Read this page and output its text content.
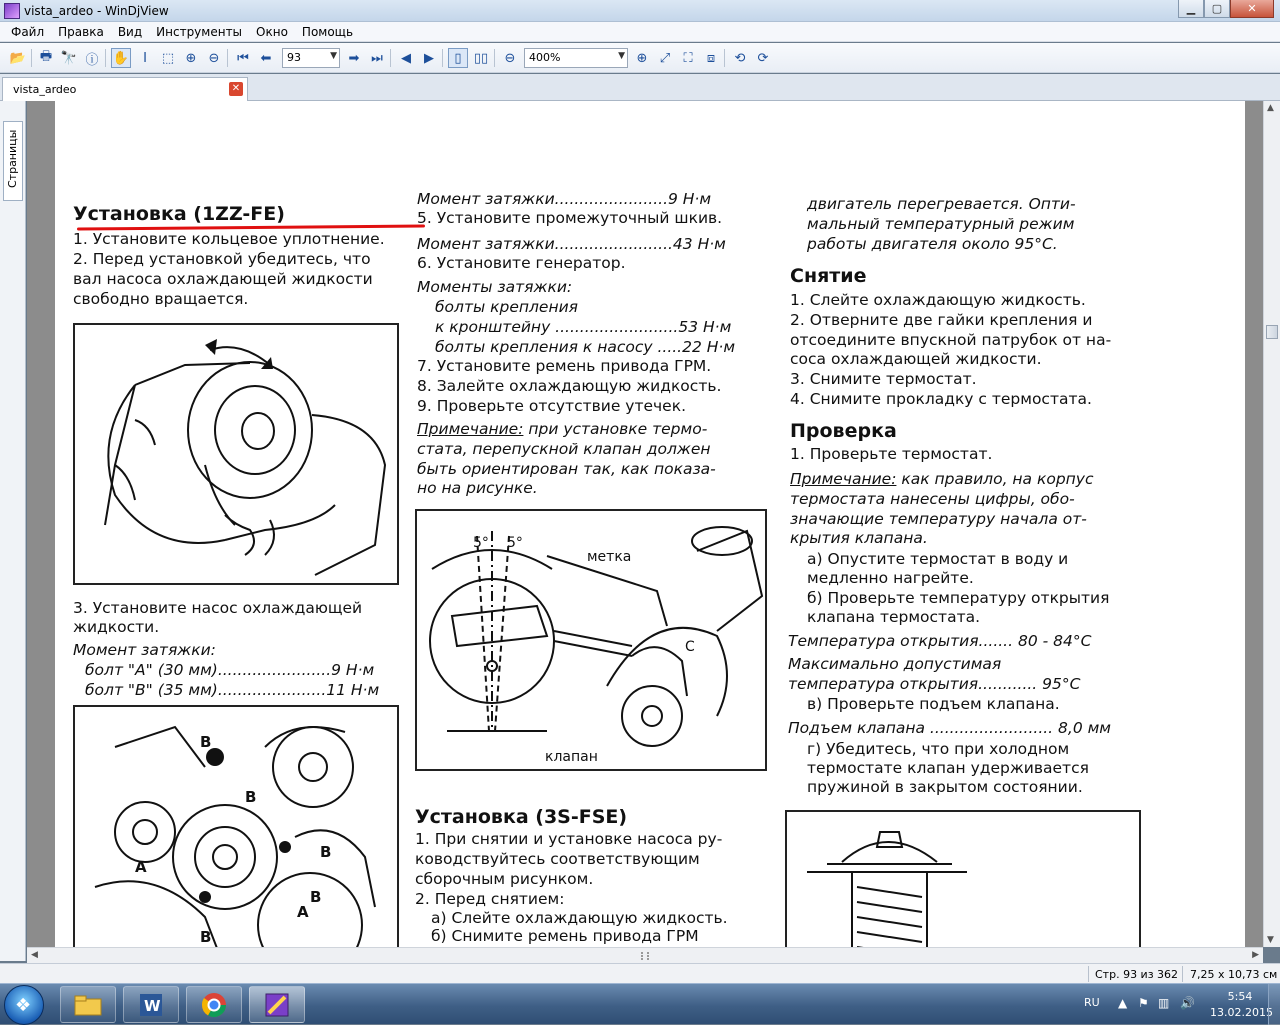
vista_ardeo - WinDjView	▁	▢	✕
Файл	Правка	Вид	Инструменты	Окно	Помощь
📂 🖶 🔭 ⓘ ✋	I	⬚ ⊕ ⊖	⏮ ⬅	93	▼ ➡ ⏭	◀	▶	▯ ▯▯	⊖	400%	▼ ⊕ ⤢	⛶	⧈	⟲ ⟳
vista_ardeo	✕
Страницы
Установка (1ZZ-FE)
1. Установите кольцевое уплотнение.
2. Перед установкой убедитесь, что
вал насоса охлаждающей жидкости
свободно вращается.
3. Установите насос охлаждающей
жидкости.
Момент затяжки:
болт "A" (30 мм).......................9 Н·м
болт "B" (35 мм)......................11 Н·м
B
B
A
B
B
A
B
Момент затяжки.......................9 Н·м
5. Установите промежуточный шкив.
Момент затяжки........................43 Н·м
6. Установите генератор.
Моменты затяжки:
болты крепления
к кронштейну .........................53 Н·м
болты крепления к насосу .....22 Н·м
7. Установите ремень привода ГРМ.
8. Залейте охлаждающую жидкость.
9. Проверьте отсутствие утечек.
Примечание: при установке термо-
стата, перепускной клапан должен
быть ориентирован так, как показа-
но на рисунке.
5° 5°
метка
клапан
C
Установка (3S-FSE)
1. При снятии и установке насоса ру-
ководствуйтесь соответствующим
сборочным рисунком.
2. Перед снятием:
а) Слейте охлаждающую жидкость.
б) Снимите ремень привода ГРМ
двигатель перегревается. Опти-
мальный температурный режим
работы двигателя около 95°C.
Снятие
1. Слейте охлаждающую жидкость.
2. Отверните две гайки крепления и
отсоедините впускной патрубок от на-
соса охлаждающей жидкости.
3. Снимите термостат.
4. Снимите прокладку с термостата.
Проверка
1. Проверьте термостат.
Примечание: как правило, на корпус
термостата нанесены цифры, обо-
значающие температуру начала от-
крытия клапана.
а) Опустите термостат в воду и
медленно нагрейте.
б) Проверьте температуру открытия
клапана термостата.
Температура открытия....... 80 - 84°C
Максимально допустимая
температура открытия............ 95°C
в) Проверьте подъем клапана.
Подъем клапана ......................... 8,0 мм
г) Убедитесь, что при холодном
термостате клапан удерживается
пружиной в закрытом состоянии.
▲
▼
◀	▶
Стр. 93 из 362 7,25 x 10,73 см
❖	W	RU ▲ ⚑ ▥ 🔊	5:54
13.02.2015
